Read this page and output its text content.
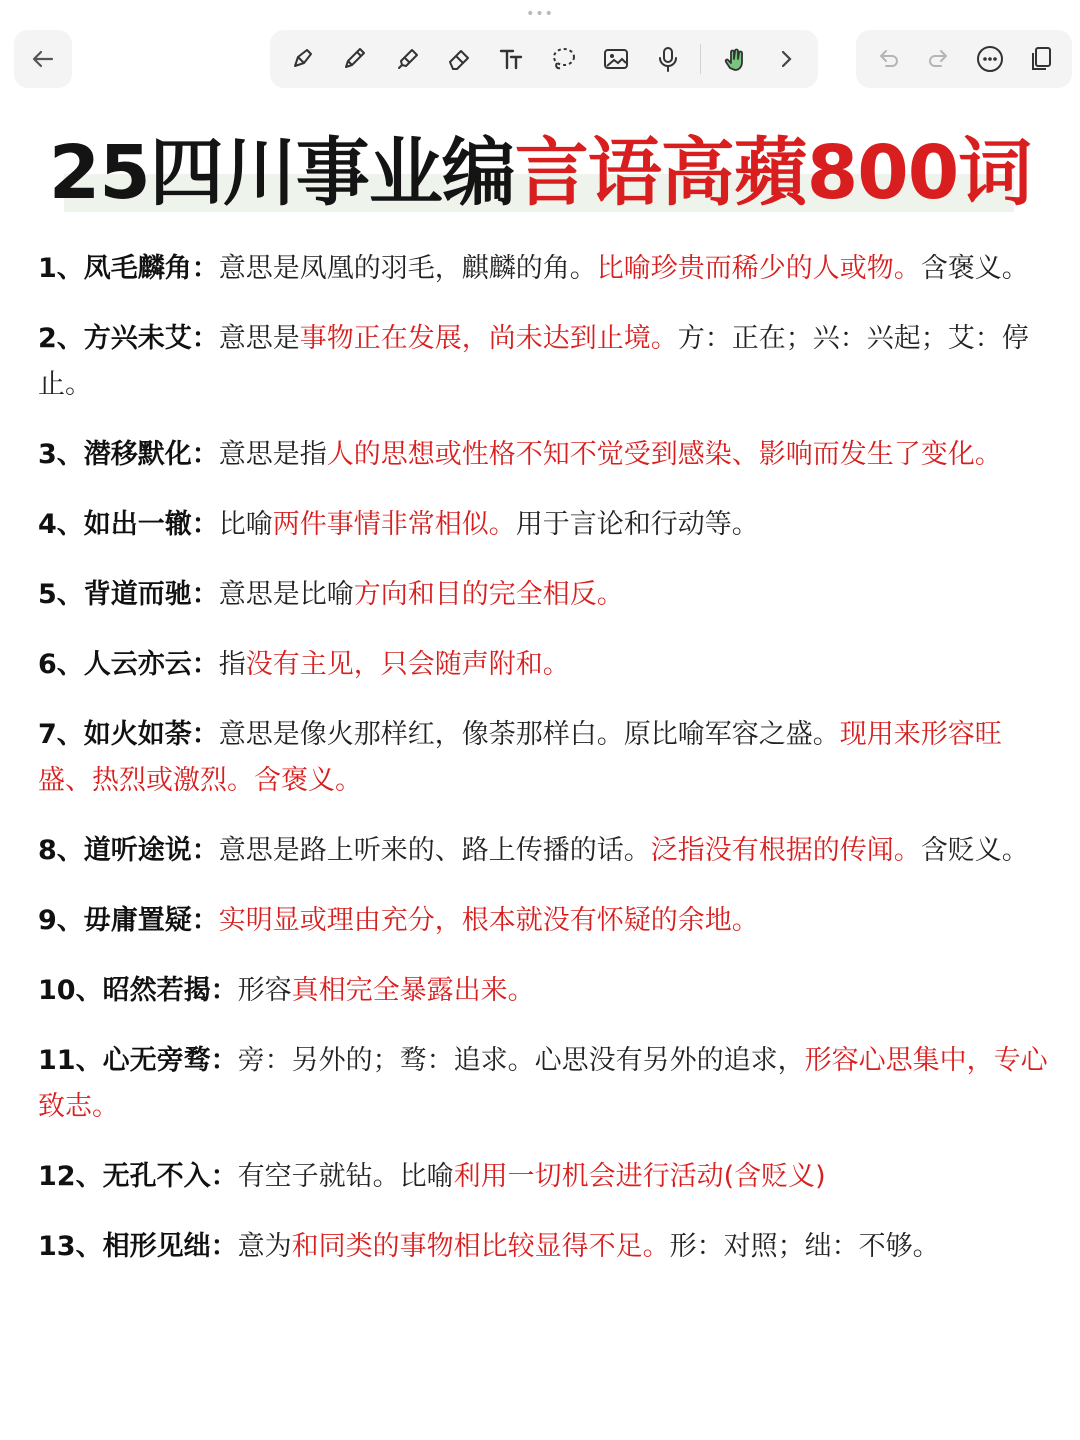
•••
25四川事业编言语高蘋800词
1、凤毛麟角：意思是凤凰的羽毛，麒麟的角。比喻珍贵而稀少的人或物。含褒义。
2、方兴未艾：意思是事物正在发展，尚未达到止境。方：正在；兴：兴起；艾：停止。
3、潜移默化：意思是指人的思想或性格不知不觉受到感染、影响而发生了变化。
4、如出一辙：比喻两件事情非常相似。用于言论和行动等。
5、背道而驰：意思是比喻方向和目的完全相反。
6、人云亦云：指没有主见，只会随声附和。
7、如火如荼：意思是像火那样红，像荼那样白。原比喻军容之盛。现用来形容旺盛、热烈或激烈。含褒义。
8、道听途说：意思是路上听来的、路上传播的话。泛指没有根据的传闻。含贬义。
9、毋庸置疑：实明显或理由充分，根本就没有怀疑的余地。
10、昭然若揭：形容真相完全暴露出来。
11、心无旁骛：旁：另外的；骛：追求。心思没有另外的追求，形容心思集中，专心致志。
12、无孔不入：有空子就钻。比喻利用一切机会进行活动(含贬义)
13、相形见绌：意为和同类的事物相比较显得不足。形：对照；绌：不够。
